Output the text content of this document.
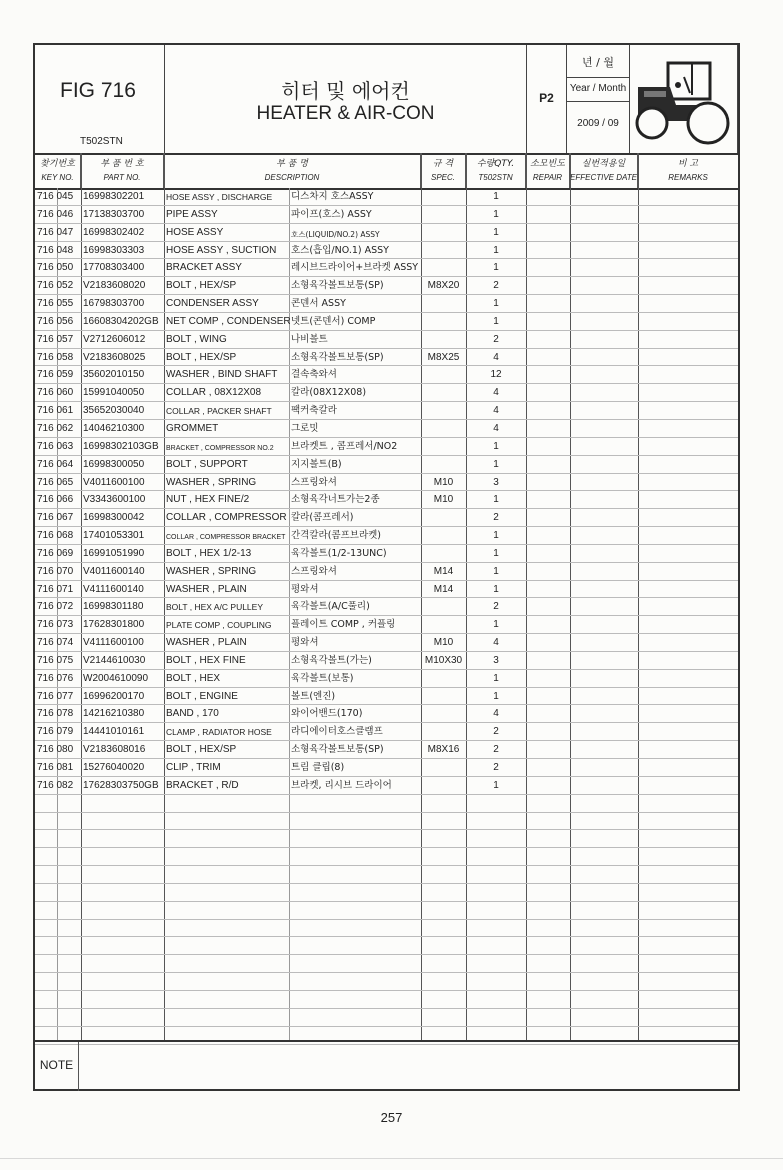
FIG 716
T502STN
히터 및 에어컨
HEATER & AIR-CON
P2
년 / 월
Year / Month
2009 / 09
찾기번호
KEY NO.
부 품 번 호
PART NO.
부 품 명
DESCRIPTION
규 격
SPEC.
수량QTY.
T502STN
소모빈도
REPAIR
실번적용일
EFFECTIVE DATE
비 고
REMARKS
716 045 16998302201	HOSE ASSY , DISCHARGE 디스차지 호스ASSY	1
716 046 17138303700 PIPE ASSY	파이프(호스) ASSY	1
716 047 16998302402 HOSE ASSY	호스(LIQUID/NO.2) ASSY	1
716 048 16998303303 HOSE ASSY , SUCTION 호스(흡입/NO.1) ASSY	1
716 050 17708303400 BRACKET ASSY	레시브드라이어+브라켓 ASSY	1
716 052 V2183608020 BOLT , HEX/SP	소형육각볼트보통(SP)	M8X20	2
716 055 16798303700 CONDENSER ASSY	콘덴서 ASSY	1
716 056 16608304202GB NET COMP , CONDENSER 넷트(콘덴서) COMP	1
716 057 V2712606012 BOLT , WING	나비볼트	2
716 058 V2183608025 BOLT , HEX/SP	소형육각볼트보통(SP)	M8X25	4
716 059 35602010150 WASHER , BIND SHAFT 결속축와셔	12
716 060 15991040050 COLLAR , 08X12X08	칼라(08X12X08)	4
716 061 35652030040	COLLAR , PACKER SHAFT 팩커축칼라	4
716 062 14046210300 GROMMET	그로밋	4
716 063 16998302103GB BRACKET , COMPRESSOR NO.2 브라켓트 , 콤프레서/NO2	1
716 064 16998300050 BOLT , SUPPORT	지지볼트(B)	1
716 065 V4011600100 WASHER , SPRING	스프링와셔	M10	3
716 066 V3343600100 NUT , HEX FINE/2	소형육각너트가는2종	M10	1
716 067 16998300042 COLLAR , COMPRESSOR 칼라(콤프레서)	2
716 068 17401053301	COLLAR , COMPRESSOR BRACKET 간격칼라(콤프브라켓)	1
716 069 16991051990 BOLT , HEX 1/2-13	육각볼트(1/2-13UNC)	1
716 070 V4011600140 WASHER , SPRING	스프링와셔	M14	1
716 071 V4111600140 WASHER , PLAIN	평와셔	M14	1
716 072 16998301180	BOLT , HEX A/C PULLEY	육각볼트(A/C풀리)	2
716 073 17628301800	PLATE COMP , COUPLING 플레이트 COMP , 커플링	1
716 074 V4111600100 WASHER , PLAIN	평와셔	M10	4
716 075 V2144610030 BOLT , HEX FINE	소형육각볼트(가는)	M10X30	3
716 076 W2004610090 BOLT , HEX	육각볼트(보통)	1
716 077 16996200170 BOLT , ENGINE	볼트(엔진)	1
716 078 14216210380 BAND , 170	와이어밴드(170)	4
716 079 14441010161	CLAMP , RADIATOR HOSE 라디에이터호스클램프	2
716 080 V2183608016 BOLT , HEX/SP	소형육각볼트보통(SP)	M8X16	2
716 081 15276040020 CLIP , TRIM	트림 클립(8)	2
716 082 17628303750GB BRACKET , R/D	브라켓, 리시브 드라이어	1
NOTE
257
